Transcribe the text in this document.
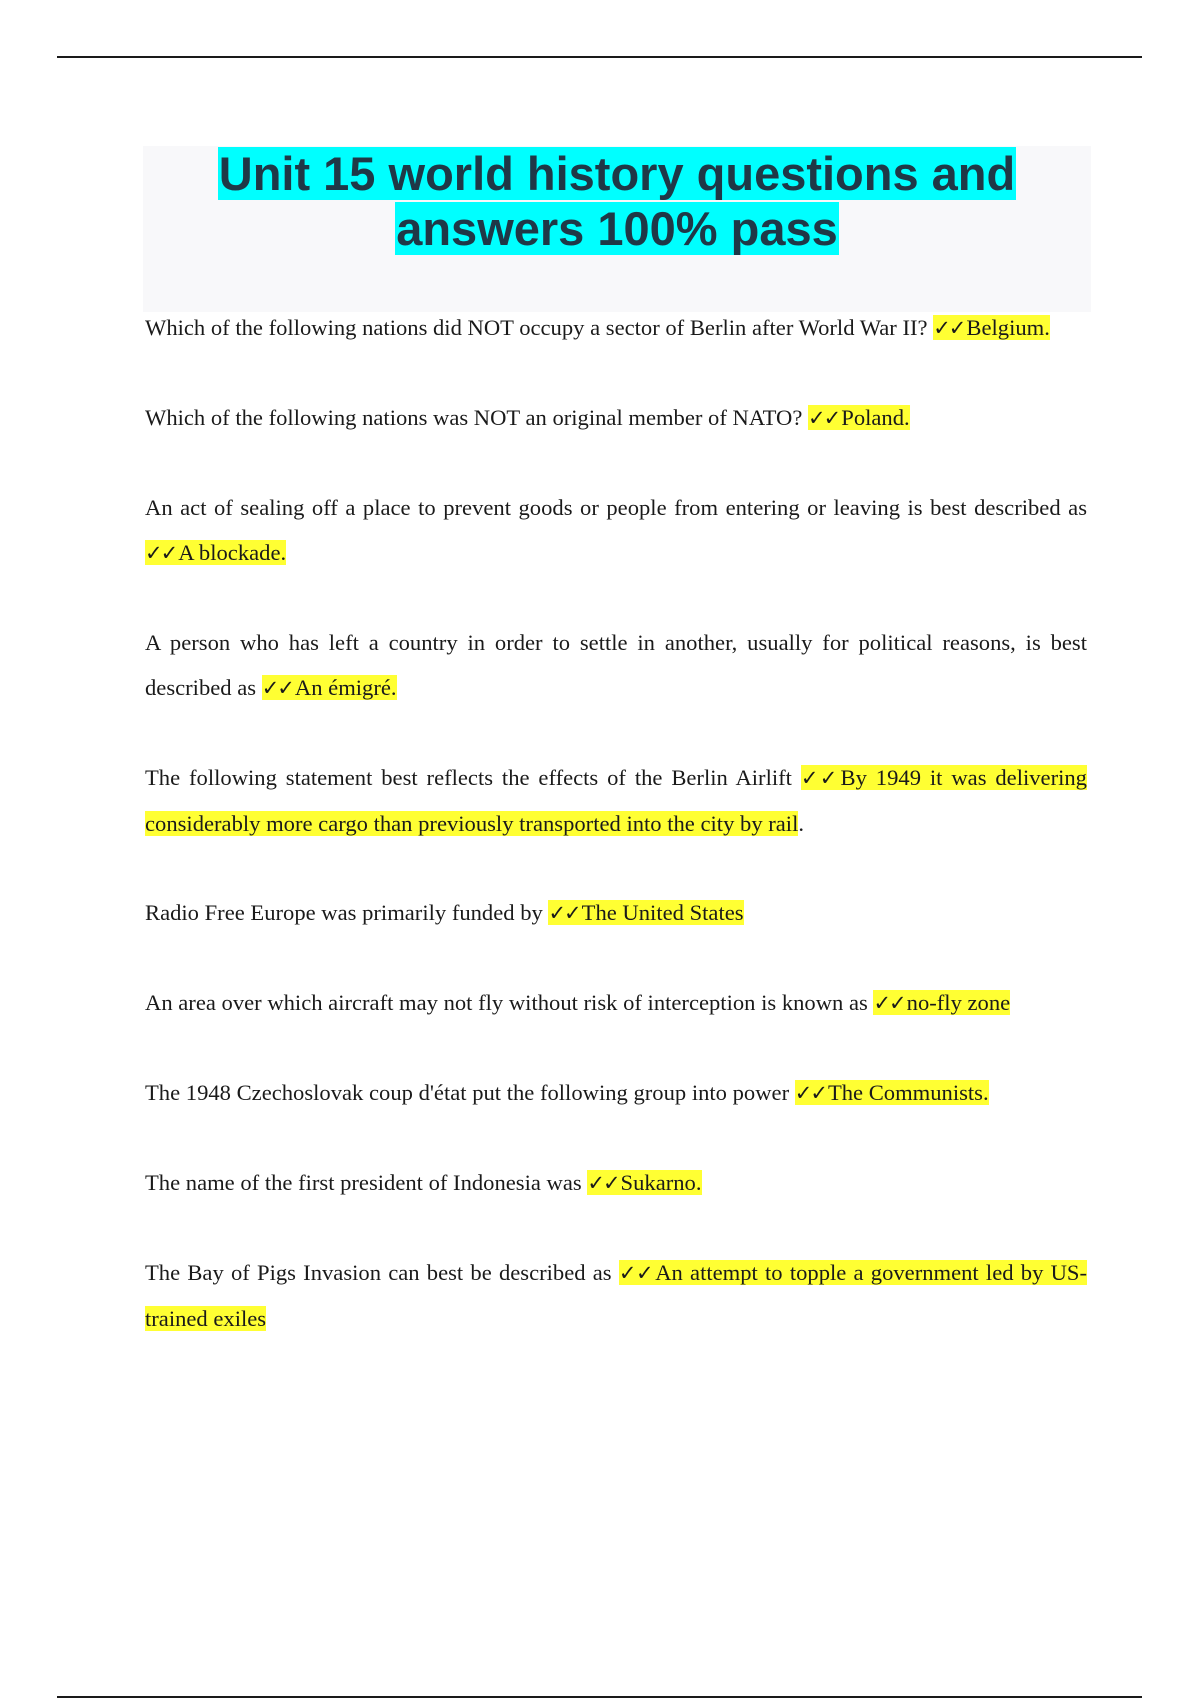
Unit 15 world history questions and answers 100% pass

Which of the following nations did NOT occupy a sector of Berlin after World War II? ✓✓Belgium.

Which of the following nations was NOT an original member of NATO? ✓✓Poland.

An act of sealing off a place to prevent goods or people from entering or leaving is best described as ✓✓A blockade.

A person who has left a country in order to settle in another, usually for political reasons, is best described as ✓✓An émigré.

The following statement best reflects the effects of the Berlin Airlift ✓✓By 1949 it was delivering considerably more cargo than previously transported into the city by rail.

Radio Free Europe was primarily funded by ✓✓The United States

An area over which aircraft may not fly without risk of interception is known as ✓✓no-fly zone

The 1948 Czechoslovak coup d'état put the following group into power ✓✓The Communists.

The name of the first president of Indonesia was ✓✓Sukarno.

The Bay of Pigs Invasion can best be described as ✓✓An attempt to topple a government led by US-trained exiles
